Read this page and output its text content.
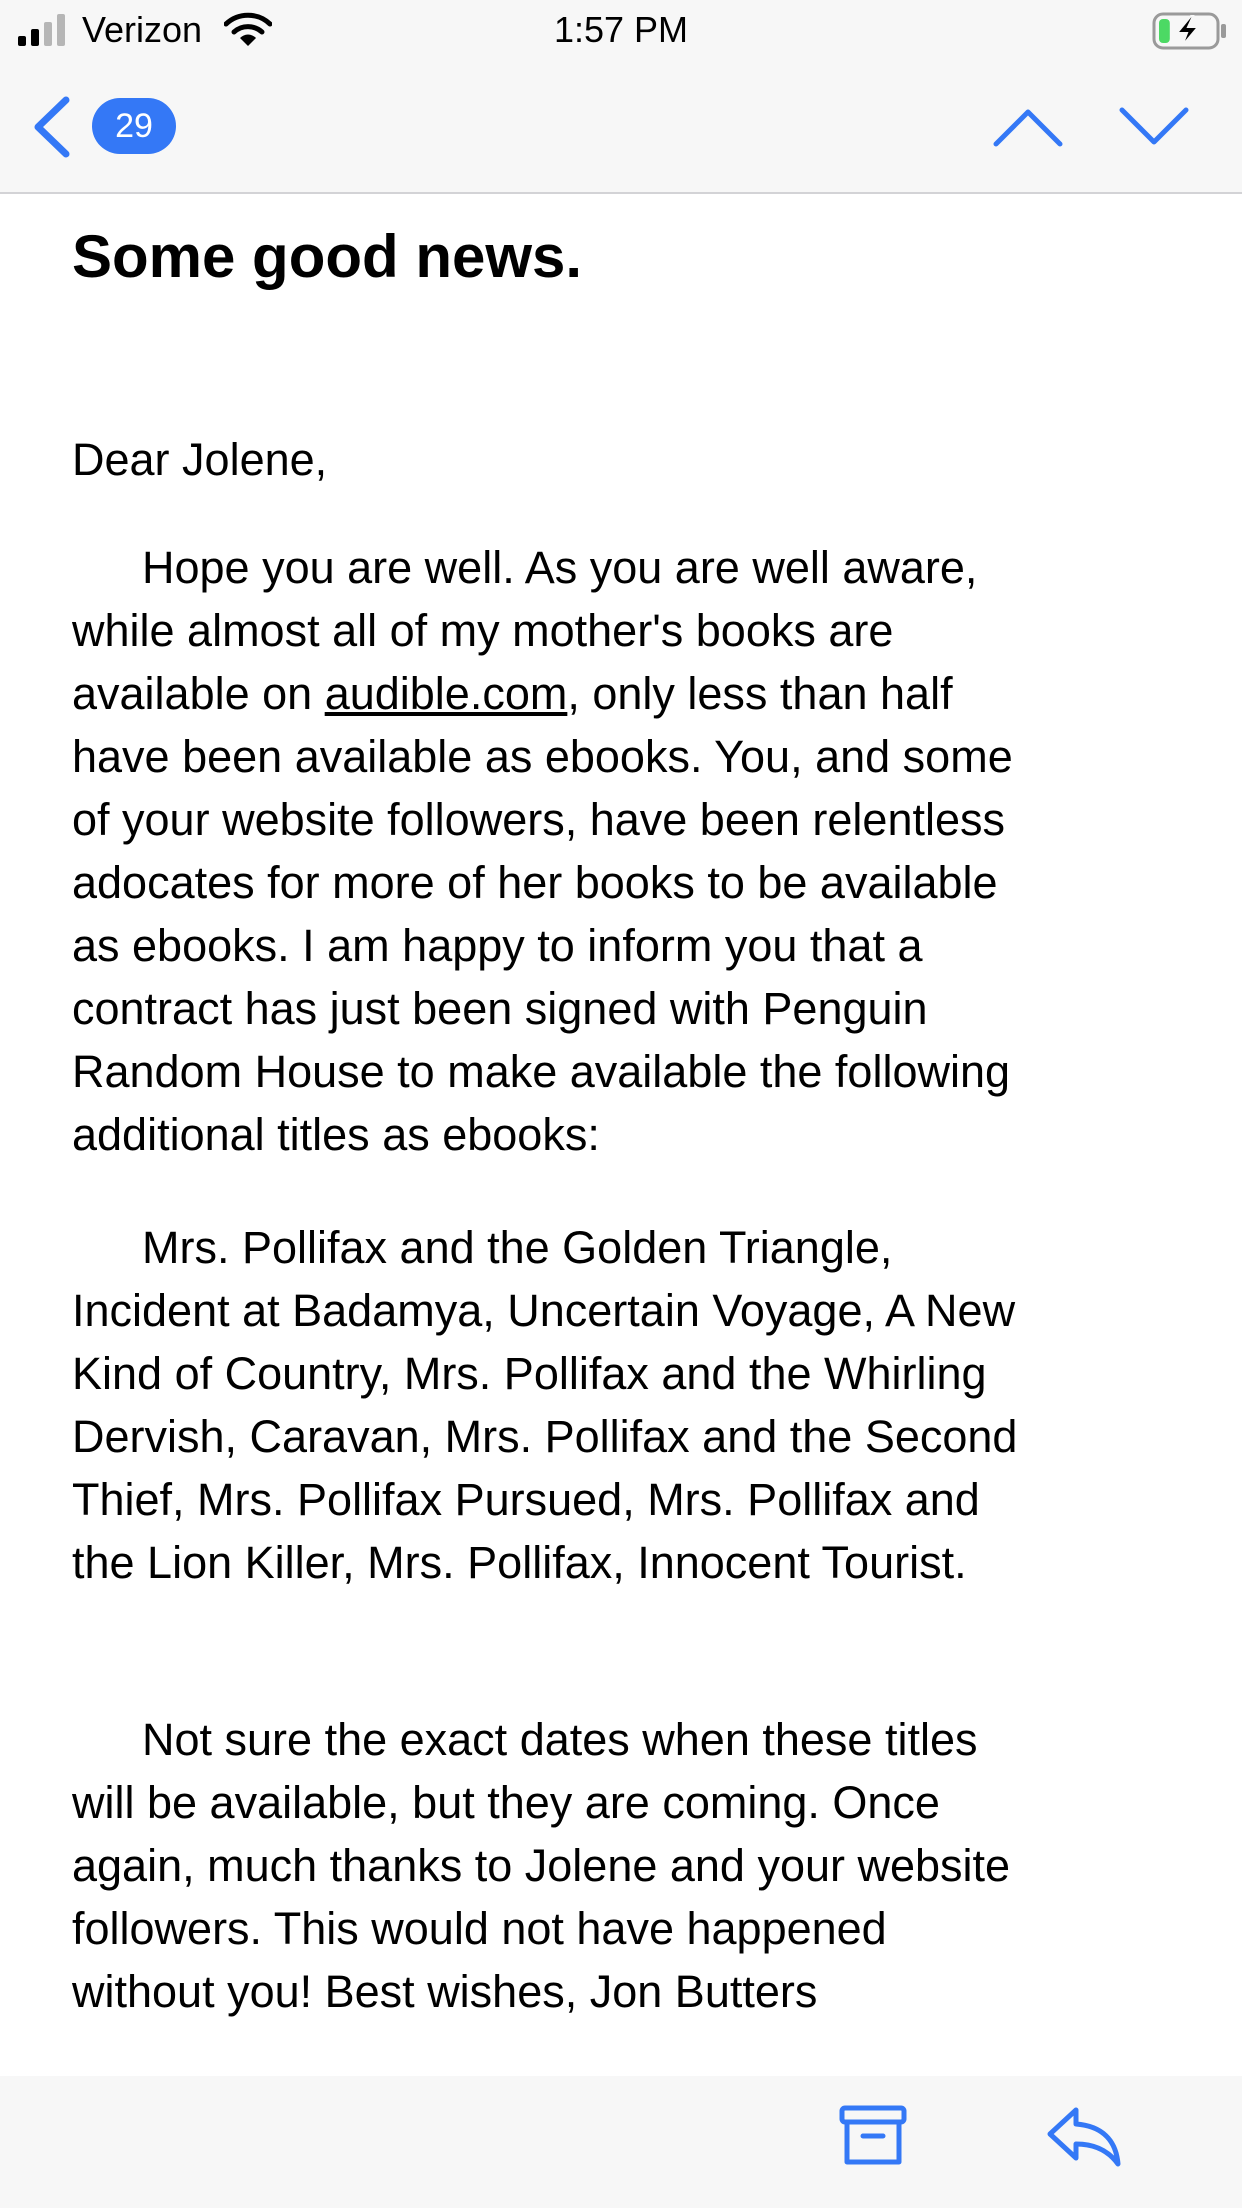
Verizon	1:57 PM
29
Some good news.
Dear Jolene,
Hope you are well. As you are well aware,
while almost all of my mother's books are
available on audible.com, only less than half
have been available as ebooks. You, and some
of your website followers, have been relentless
adocates for more of her books to be available
as ebooks. I am happy to inform you that a
contract has just been signed with Penguin
Random House to make available the following
additional titles as ebooks:
Mrs. Pollifax and the Golden Triangle,
Incident at Badamya, Uncertain Voyage, A New
Kind of Country, Mrs. Pollifax and the Whirling
Dervish, Caravan, Mrs. Pollifax and the Second
Thief, Mrs. Pollifax Pursued, Mrs. Pollifax and
the Lion Killer, Mrs. Pollifax, Innocent Tourist.
Not sure the exact dates when these titles
will be available, but they are coming. Once
again, much thanks to Jolene and your website
followers. This would not have happened
without you! Best wishes, Jon Butters
